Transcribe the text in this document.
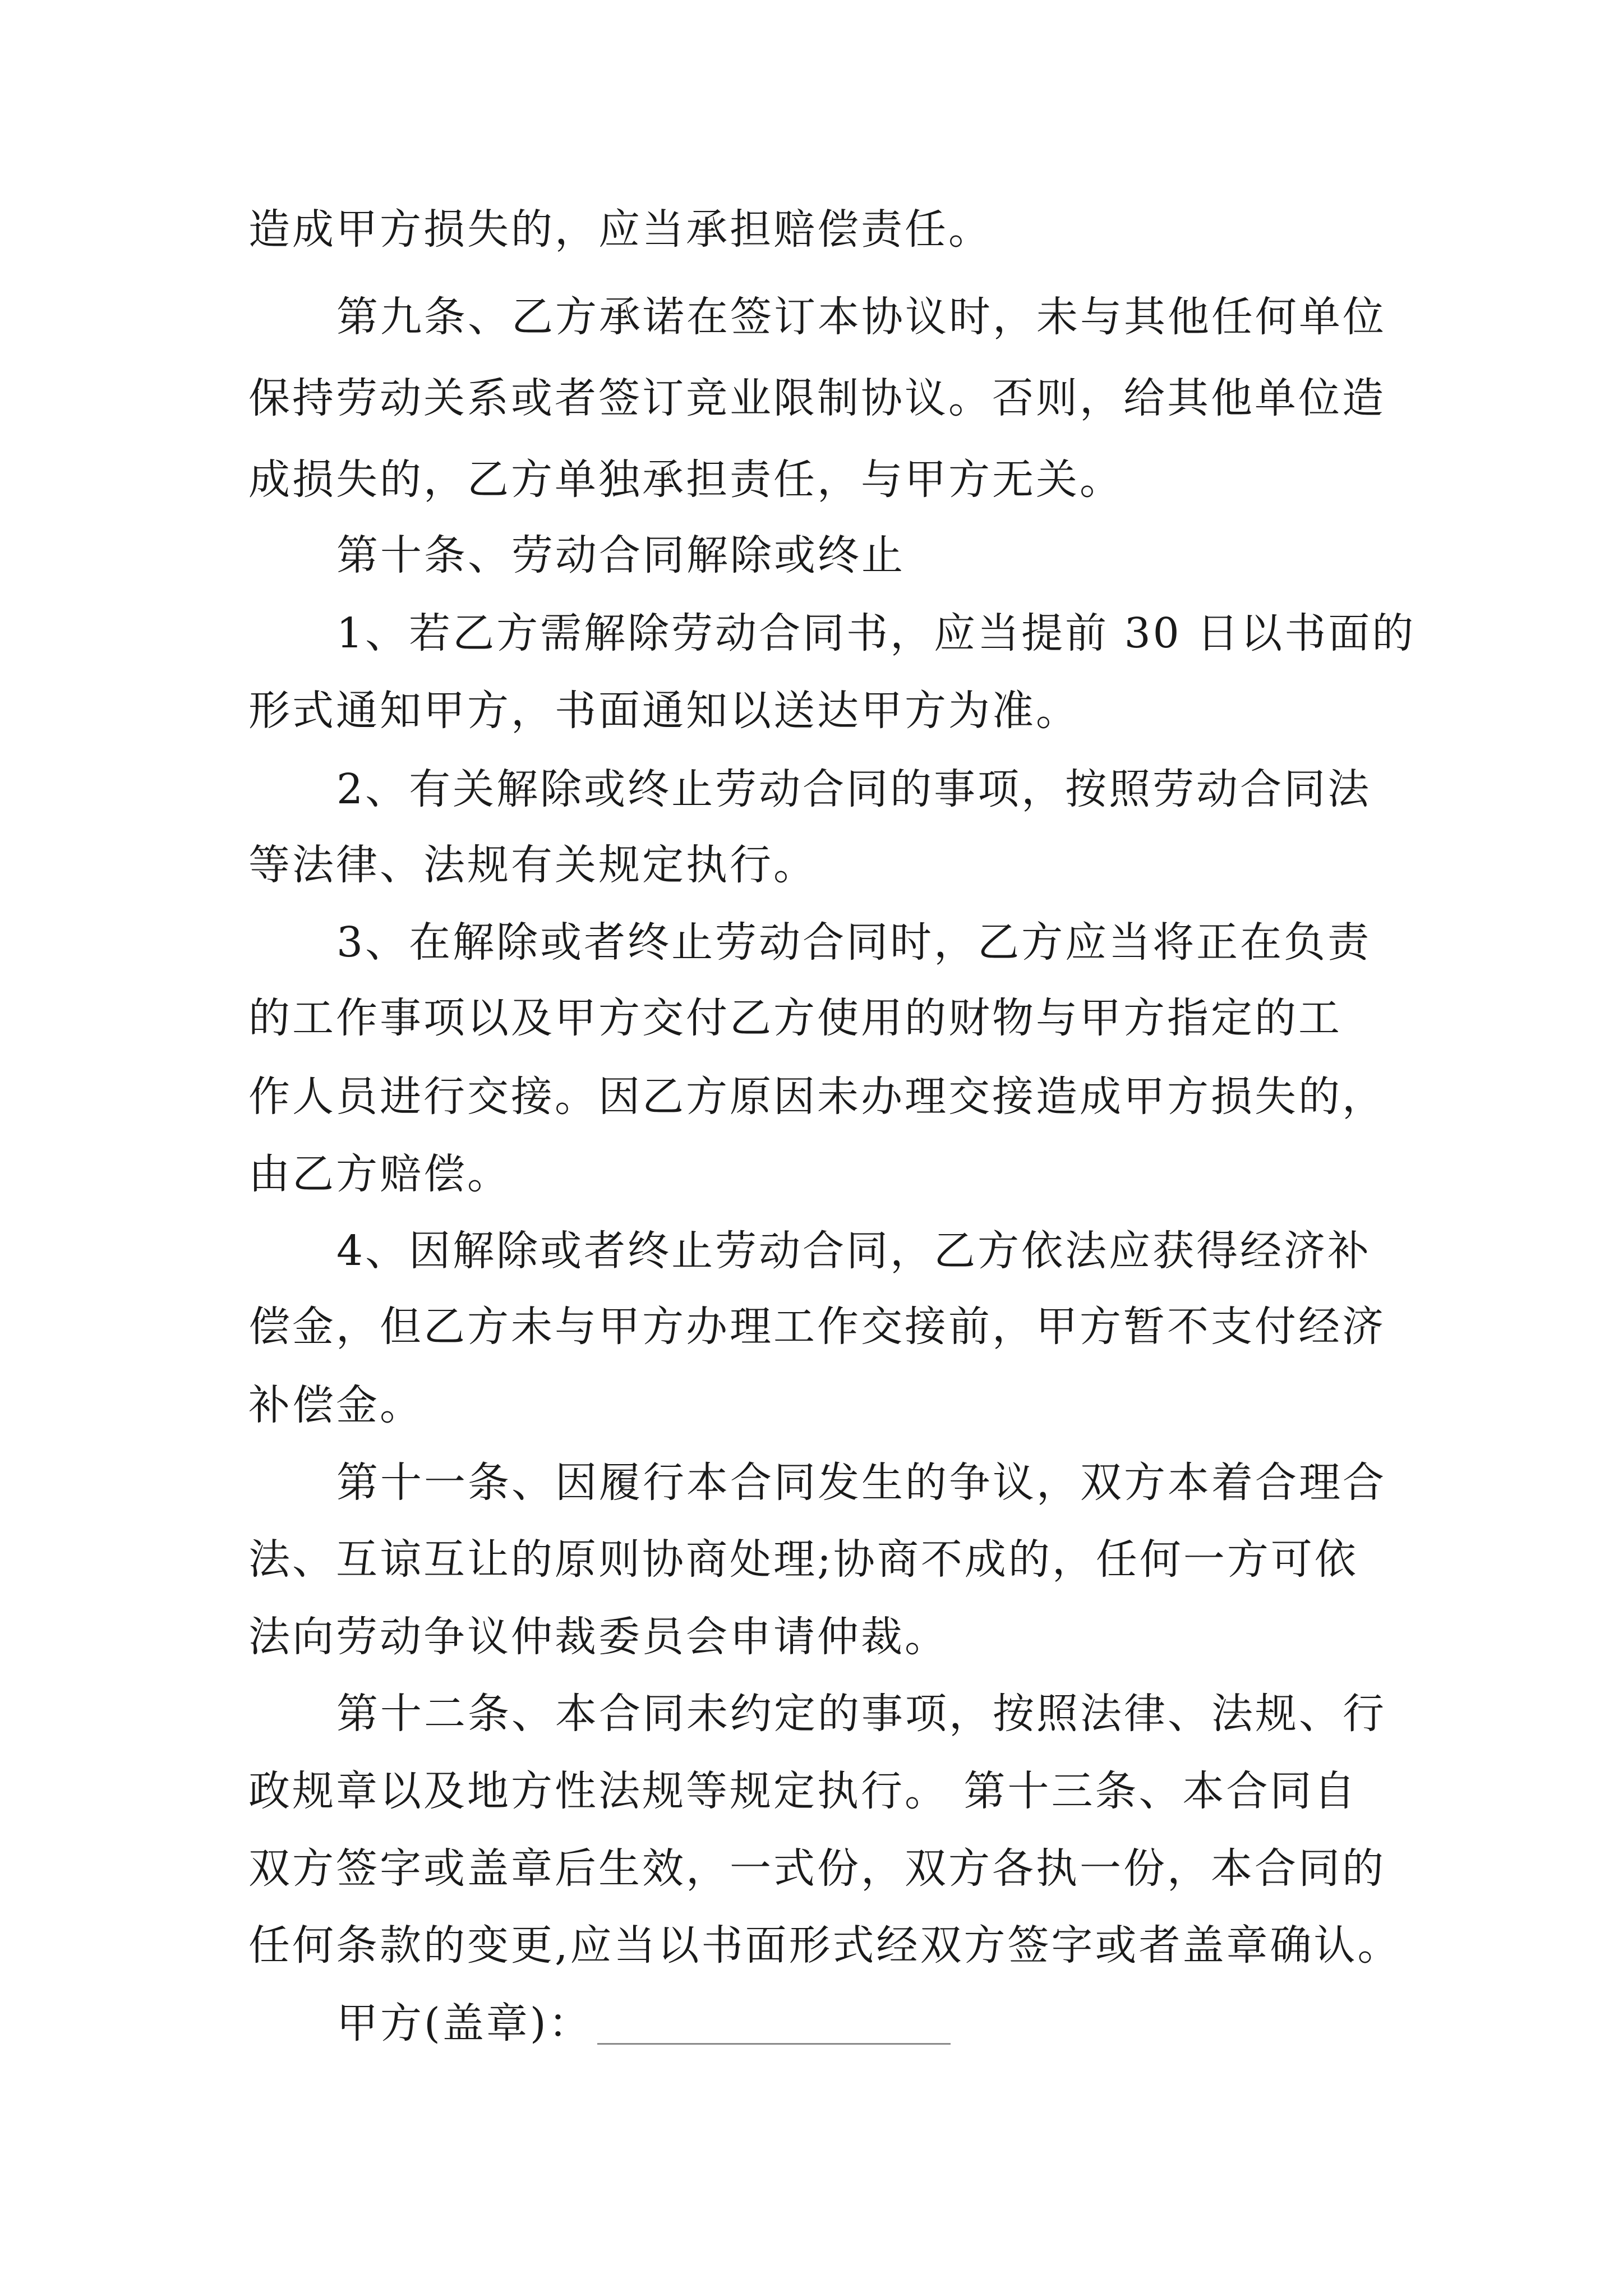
造成甲方损失的，应当承担赔偿责任。
第九条、乙方承诺在签订本协议时，未与其他任何单位
保持劳动关系或者签订竞业限制协议。否则，给其他单位造
成损失的，乙方单独承担责任，与甲方无关。
第十条、劳动合同解除或终止
1、若乙方需解除劳动合同书，应当提前 30 日以书面的
形式通知甲方，书面通知以送达甲方为准。
2、有关解除或终止劳动合同的事项，按照劳动合同法
等法律、法规有关规定执行。
3、在解除或者终止劳动合同时，乙方应当将正在负责
的工作事项以及甲方交付乙方使用的财物与甲方指定的工
作人员进行交接。因乙方原因未办理交接造成甲方损失的，
由乙方赔偿。
4、因解除或者终止劳动合同，乙方依法应获得经济补
偿金，但乙方未与甲方办理工作交接前，甲方暂不支付经济
补偿金。
第十一条、因履行本合同发生的争议，双方本着合理合
法、互谅互让的原则协商处理;协商不成的，任何一方可依
法向劳动争议仲裁委员会申请仲裁。
第十二条、本合同未约定的事项，按照法律、法规、行
政规章以及地方性法规等规定执行。 第十三条、本合同自
双方签字或盖章后生效，一式份，双方各执一份，本合同的
任何条款的变更,应当以书面形式经双方签字或者盖章确认。
甲方(盖章)：
